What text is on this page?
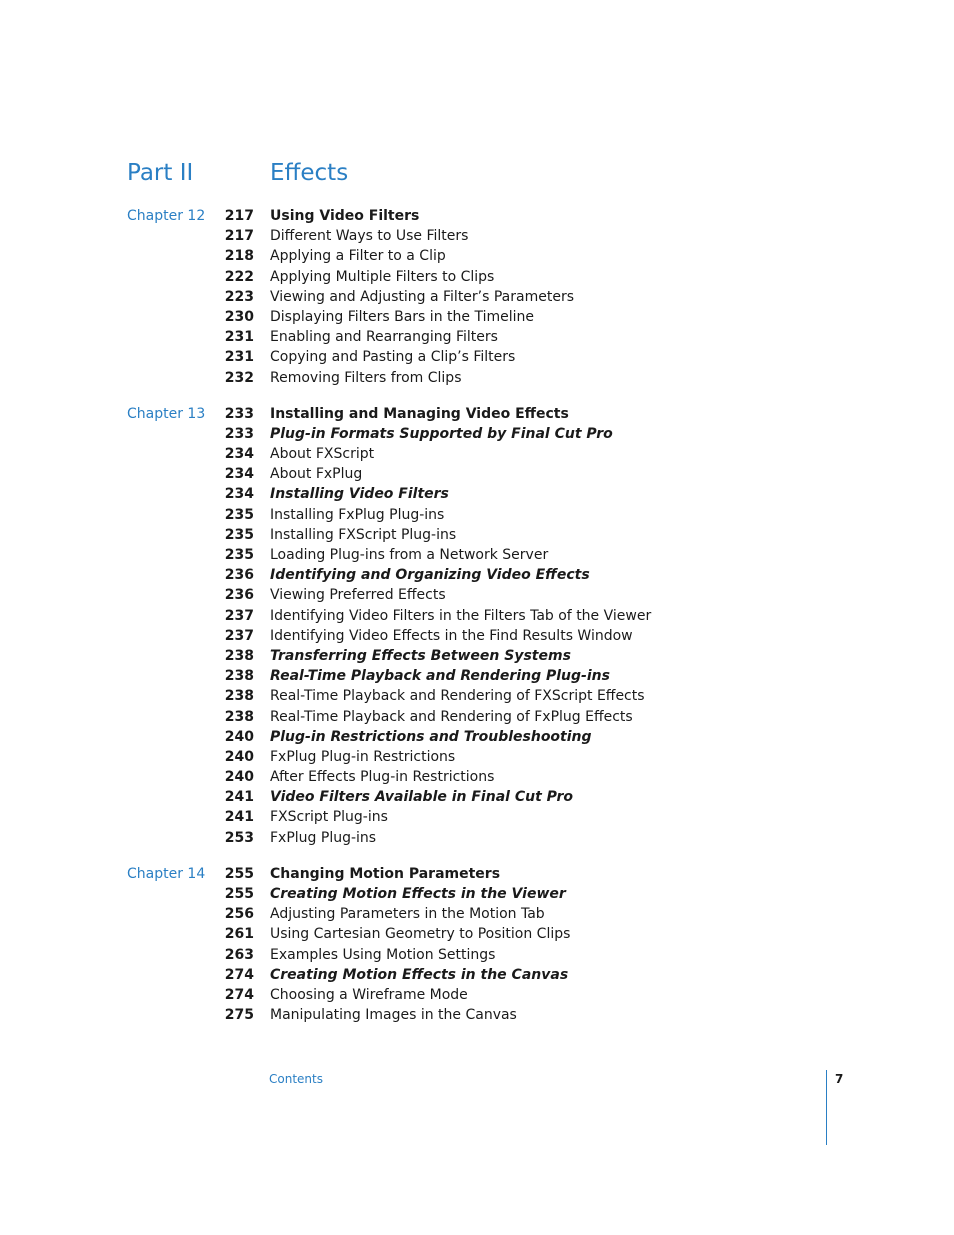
Part II	Effects
Chapter 12	217 Using Video Filters
217 Different Ways to Use Filters
218 Applying a Filter to a Clip
222 Applying Multiple Filters to Clips
223 Viewing and Adjusting a Filter’s Parameters
230 Displaying Filters Bars in the Timeline
231 Enabling and Rearranging Filters
231 Copying and Pasting a Clip’s Filters
232 Removing Filters from Clips
Chapter 13	233 Installing and Managing Video Effects
233 Plug-in Formats Supported by Final Cut Pro
234 About FXScript
234 About FxPlug
234 Installing Video Filters
235 Installing FxPlug Plug-ins
235 Installing FXScript Plug-ins
235 Loading Plug-ins from a Network Server
236 Identifying and Organizing Video Effects
236 Viewing Preferred Effects
237 Identifying Video Filters in the Filters Tab of the Viewer
237 Identifying Video Effects in the Find Results Window
238 Transferring Effects Between Systems
238 Real-Time Playback and Rendering Plug-ins
238 Real-Time Playback and Rendering of FXScript Effects
238 Real-Time Playback and Rendering of FxPlug Effects
240 Plug-in Restrictions and Troubleshooting
240 FxPlug Plug-in Restrictions
240 After Effects Plug-in Restrictions
241 Video Filters Available in Final Cut Pro
241 FXScript Plug-ins
253 FxPlug Plug-ins
Chapter 14	255 Changing Motion Parameters
255 Creating Motion Effects in the Viewer
256 Adjusting Parameters in the Motion Tab
261 Using Cartesian Geometry to Position Clips
263 Examples Using Motion Settings
274 Creating Motion Effects in the Canvas
274 Choosing a Wireframe Mode
275 Manipulating Images in the Canvas
Contents	7
